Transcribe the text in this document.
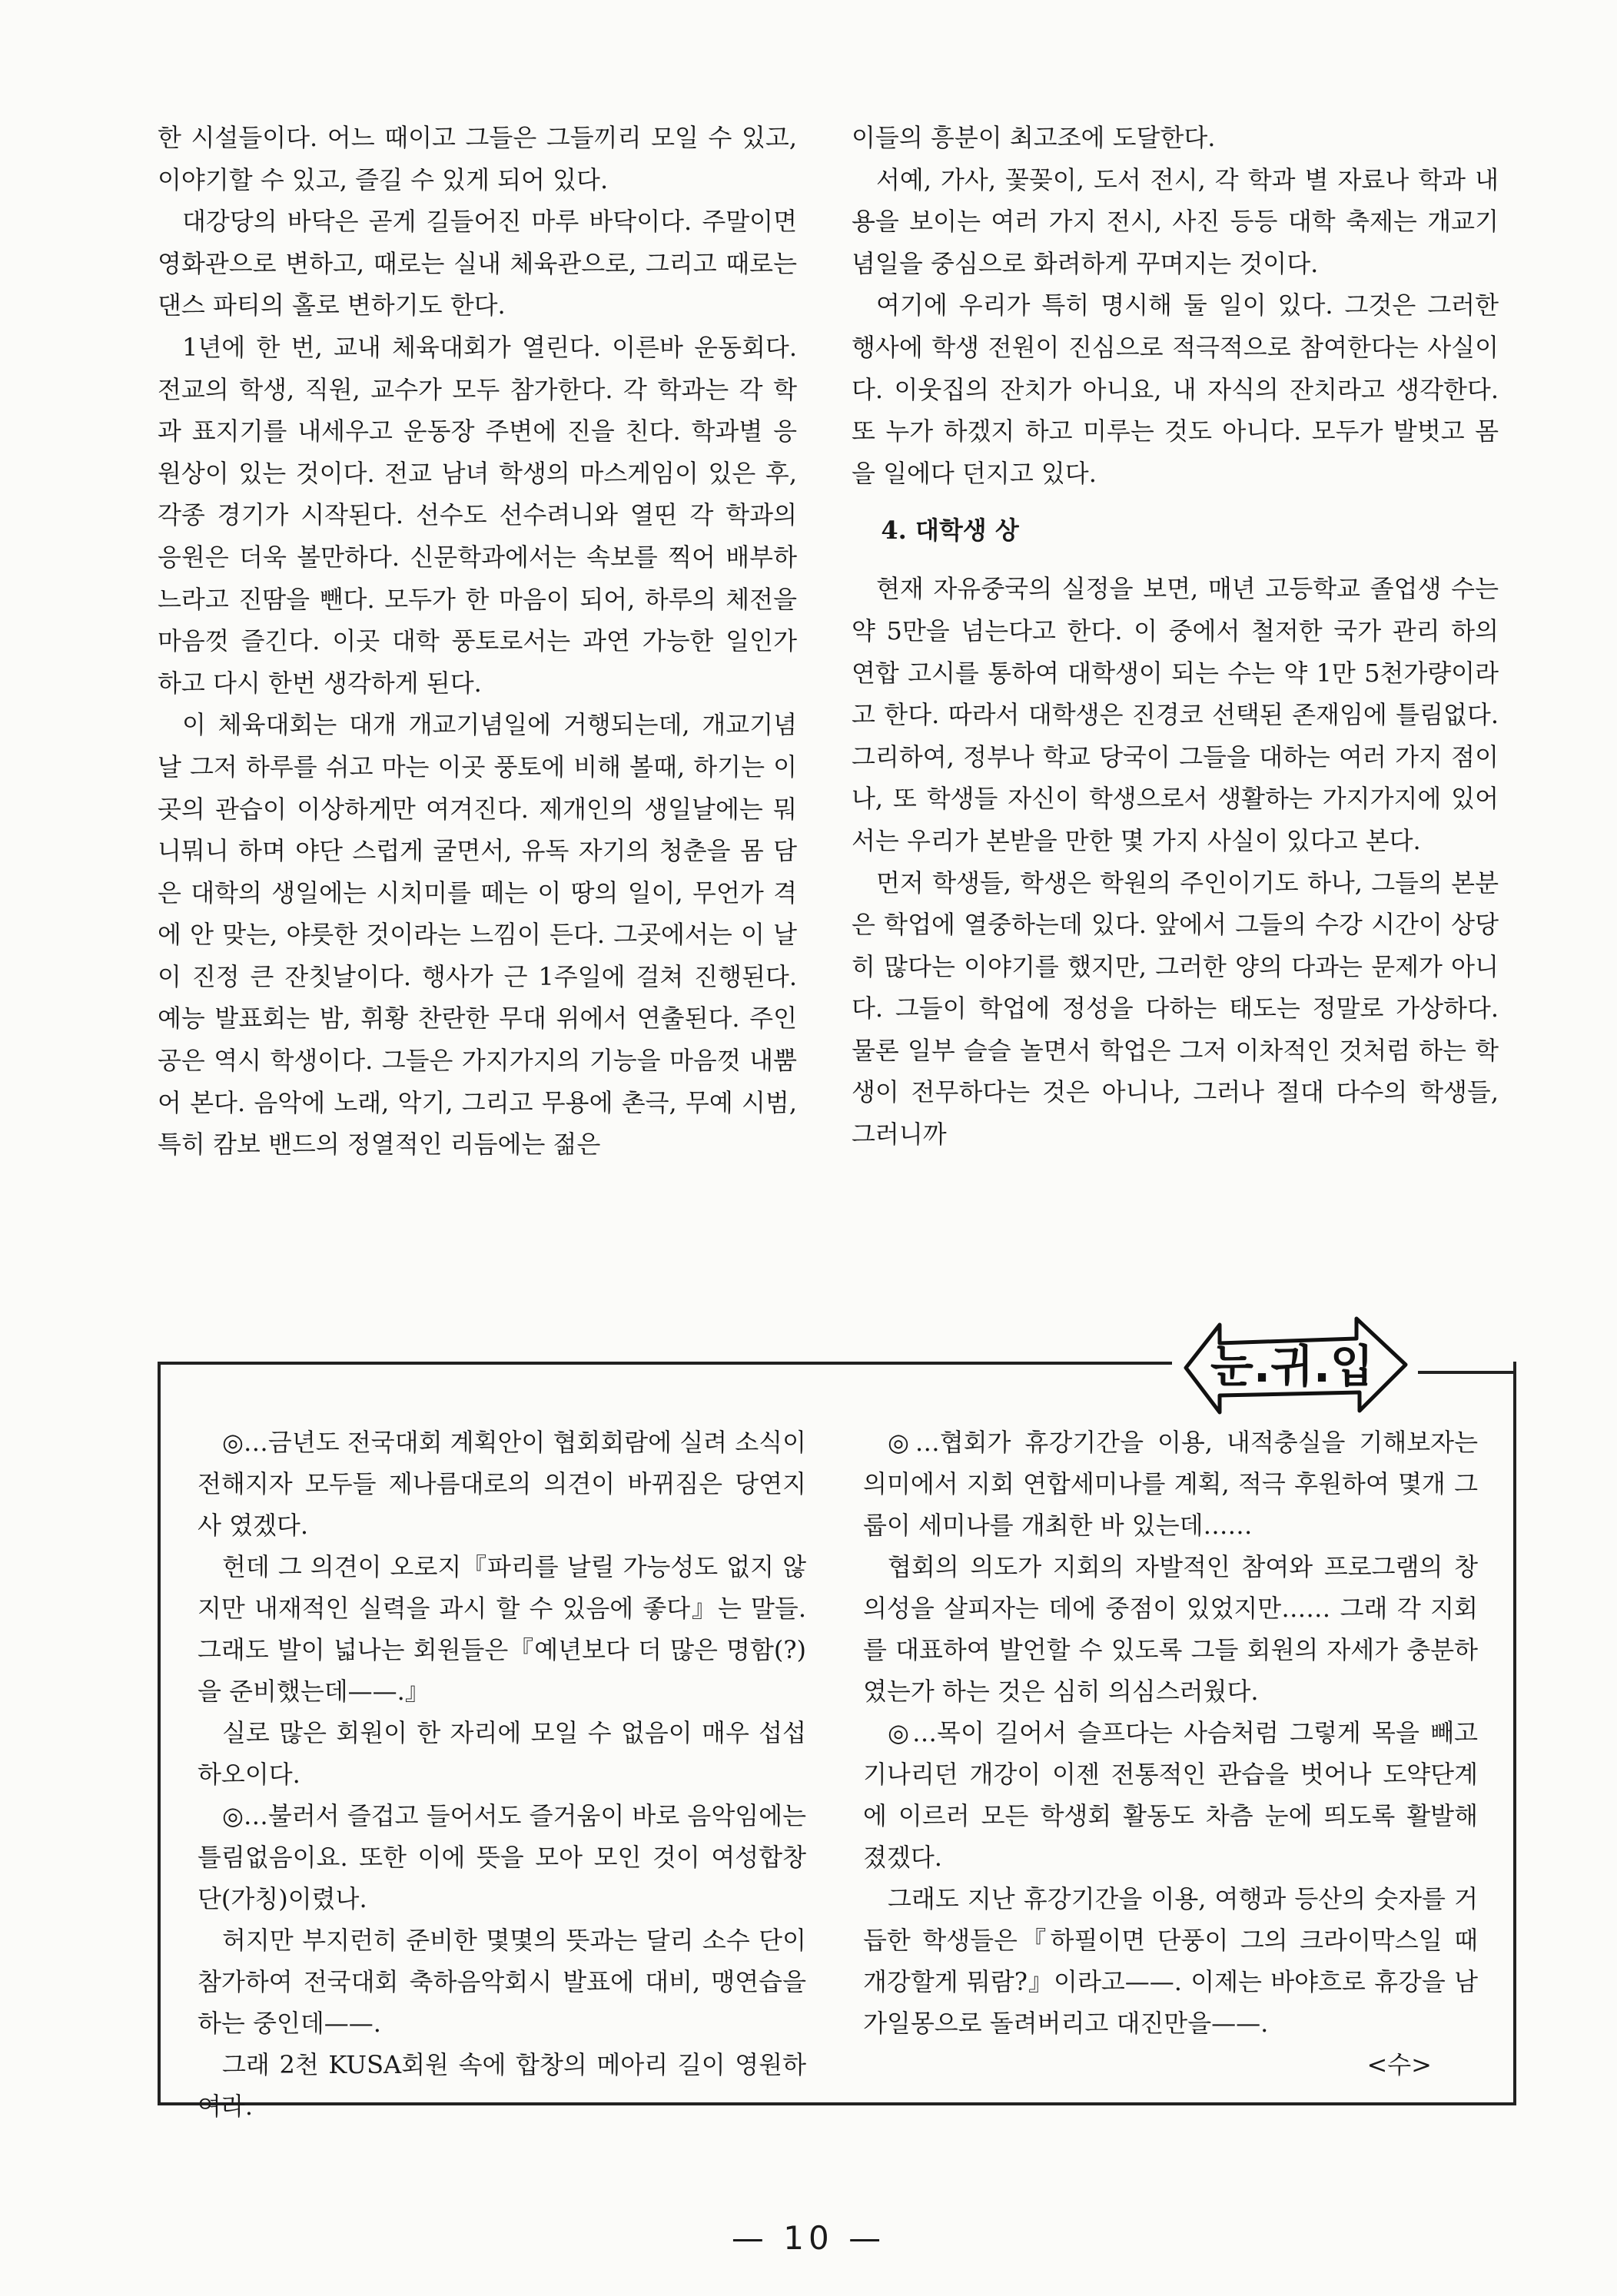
한 시설들이다. 어느 때이고 그들은 그들끼리 모일 수 있고, 이야기할 수 있고, 즐길 수 있게 되어 있다.

대강당의 바닥은 곧게 길들어진 마루 바닥이다. 주말이면 영화관으로 변하고, 때로는 실내 체육관으로, 그리고 때로는 댄스 파티의 홀로 변하기도 한다.

1년에 한 번, 교내 체육대회가 열린다. 이른바 운동회다. 전교의 학생, 직원, 교수가 모두 참가한다. 각 학과는 각 학과 표지기를 내세우고 운동장 주변에 진을 친다. 학과별 응원상이 있는 것이다. 전교 남녀 학생의 마스게임이 있은 후, 각종 경기가 시작된다. 선수도 선수려니와 열띤 각 학과의 응원은 더욱 볼만하다. 신문학과에서는 속보를 찍어 배부하느라고 진땀을 뺀다. 모두가 한 마음이 되어, 하루의 체전을 마음껏 즐긴다. 이곳 대학 풍토로서는 과연 가능한 일인가 하고 다시 한번 생각하게 된다.

이 체육대회는 대개 개교기념일에 거행되는데, 개교기념날 그저 하루를 쉬고 마는 이곳 풍토에 비해 볼때, 하기는 이곳의 관습이 이상하게만 여겨진다. 제개인의 생일날에는 뭐니뭐니 하며 야단 스럽게 굴면서, 유독 자기의 청춘을 몸 담은 대학의 생일에는 시치미를 떼는 이 땅의 일이, 무언가 격에 안 맞는, 야릇한 것이라는 느낌이 든다. 그곳에서는 이 날이 진정 큰 잔칫날이다. 행사가 근 1주일에 걸쳐 진행된다. 예능 발표회는 밤, 휘황 찬란한 무대 위에서 연출된다. 주인공은 역시 학생이다. 그들은 가지가지의 기능을 마음껏 내뿜어 본다. 음악에 노래, 악기, 그리고 무용에 촌극, 무예 시범, 특히 캄보 밴드의 정열적인 리듬에는 젊은

이들의 흥분이 최고조에 도달한다.

서예, 가사, 꽃꽂이, 도서 전시, 각 학과 별 자료나 학과 내용을 보이는 여러 가지 전시, 사진 등등 대학 축제는 개교기념일을 중심으로 화려하게 꾸며지는 것이다.

여기에 우리가 특히 명시해 둘 일이 있다. 그것은 그러한 행사에 학생 전원이 진심으로 적극적으로 참여한다는 사실이다. 이웃집의 잔치가 아니요, 내 자식의 잔치라고 생각한다. 또 누가 하겠지 하고 미루는 것도 아니다. 모두가 발벗고 몸을 일에다 던지고 있다.

4. 대학생 상

현재 자유중국의 실정을 보면, 매년 고등학교 졸업생 수는 약 5만을 넘는다고 한다. 이 중에서 철저한 국가 관리 하의 연합 고시를 통하여 대학생이 되는 수는 약 1만 5천가량이라고 한다. 따라서 대학생은 진경코 선택된 존재임에 틀림없다. 그리하여, 정부나 학교 당국이 그들을 대하는 여러 가지 점이나, 또 학생들 자신이 학생으로서 생활하는 가지가지에 있어서는 우리가 본받을 만한 몇 가지 사실이 있다고 본다.

먼저 학생들, 학생은 학원의 주인이기도 하나, 그들의 본분은 학업에 열중하는데 있다. 앞에서 그들의 수강 시간이 상당히 많다는 이야기를 했지만, 그러한 양의 다과는 문제가 아니다. 그들이 학업에 정성을 다하는 태도는 정말로 가상하다. 물론 일부 슬슬 놀면서 학업은 그저 이차적인 것처럼 하는 학생이 전무하다는 것은 아니나, 그러나 절대 다수의 학생들, 그러니까

눈.귀.입

◎…금년도 전국대회 계획안이 협회회람에 실려 소식이 전해지자 모두들 제나름대로의 의견이 바뀌짐은 당연지사 였겠다.

헌데 그 의견이 오로지『파리를 날릴 가능성도 없지 않지만 내재적인 실력을 과시 할 수 있음에 좋다』는 말들. 그래도 발이 넓나는 회원들은『예년보다 더 많은 명함(?)을 준비했는데——.』

실로 많은 회원이 한 자리에 모일 수 없음이 매우 섭섭하오이다.

◎…불러서 즐겁고 들어서도 즐거움이 바로 음악임에는 틀림없음이요. 또한 이에 뜻을 모아 모인 것이 여성합창단(가칭)이렸나.

허지만 부지런히 준비한 몇몇의 뜻과는 달리 소수 단이 참가하여 전국대회 축하음악회시 발표에 대비, 맹연습을 하는 중인데——.

그래 2천 KUSA회원 속에 합창의 메아리 길이 영원하여라.

◎…협회가 휴강기간을 이용, 내적충실을 기해보자는 의미에서 지회 연합세미나를 계획, 적극 후원하여 몇개 그룹이 세미나를 개최한 바 있는데……

협회의 의도가 지회의 자발적인 참여와 프로그램의 창의성을 살피자는 데에 중점이 있었지만…… 그래 각 지회를 대표하여 발언할 수 있도록 그들 회원의 자세가 충분하였는가 하는 것은 심히 의심스러웠다.

◎…목이 길어서 슬프다는 사슴처럼 그렇게 목을 빼고 기나리던 개강이 이젠 전통적인 관습을 벗어나 도약단계에 이르러 모든 학생회 활동도 차츰 눈에 띄도록 활발해 졌겠다.

그래도 지난 휴강기간을 이용, 여행과 등산의 숫자를 거듭한 학생들은『하필이면 단풍이 그의 크라이막스일 때 개강할게 뭐람?』이라고——. 이제는 바야흐로 휴강을 남가일몽으로 돌려버리고 대진만을——.

<수>

— 10 —
